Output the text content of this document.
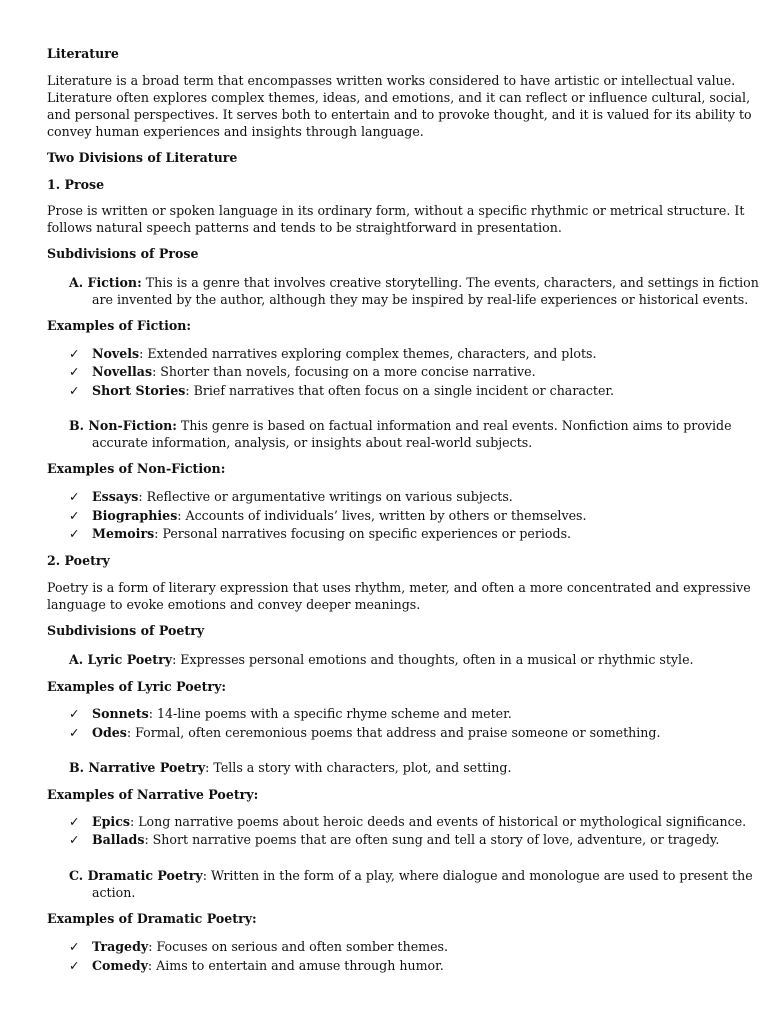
Literature
Literature is a broad term that encompasses written works considered to have artistic or intellectual value.
Literature often explores complex themes, ideas, and emotions, and it can reflect or influence cultural, social,
and personal perspectives. It serves both to entertain and to provoke thought, and it is valued for its ability to
convey human experiences and insights through language.
Two Divisions of Literature
1. Prose
Prose is written or spoken language in its ordinary form, without a specific rhythmic or metrical structure. It
follows natural speech patterns and tends to be straightforward in presentation.
Subdivisions of Prose
A. Fiction: This is a genre that involves creative storytelling. The events, characters, and settings in fiction
are invented by the author, although they may be inspired by real-life experiences or historical events.
Examples of Fiction:
✓ Novels: Extended narratives exploring complex themes, characters, and plots.
✓ Novellas: Shorter than novels, focusing on a more concise narrative.
✓ Short Stories: Brief narratives that often focus on a single incident or character.
B. Non-Fiction: This genre is based on factual information and real events. Nonfiction aims to provide
accurate information, analysis, or insights about real-world subjects.
Examples of Non-Fiction:
✓ Essays: Reflective or argumentative writings on various subjects.
✓ Biographies: Accounts of individuals’ lives, written by others or themselves.
✓ Memoirs: Personal narratives focusing on specific experiences or periods.
2. Poetry
Poetry is a form of literary expression that uses rhythm, meter, and often a more concentrated and expressive
language to evoke emotions and convey deeper meanings.
Subdivisions of Poetry
A. Lyric Poetry: Expresses personal emotions and thoughts, often in a musical or rhythmic style.
Examples of Lyric Poetry:
✓ Sonnets: 14-line poems with a specific rhyme scheme and meter.
✓ Odes: Formal, often ceremonious poems that address and praise someone or something.
B. Narrative Poetry: Tells a story with characters, plot, and setting.
Examples of Narrative Poetry:
✓ Epics: Long narrative poems about heroic deeds and events of historical or mythological significance.
✓ Ballads: Short narrative poems that are often sung and tell a story of love, adventure, or tragedy.
C. Dramatic Poetry: Written in the form of a play, where dialogue and monologue are used to present the
action.
Examples of Dramatic Poetry:
✓ Tragedy: Focuses on serious and often somber themes.
✓ Comedy: Aims to entertain and amuse through humor.
